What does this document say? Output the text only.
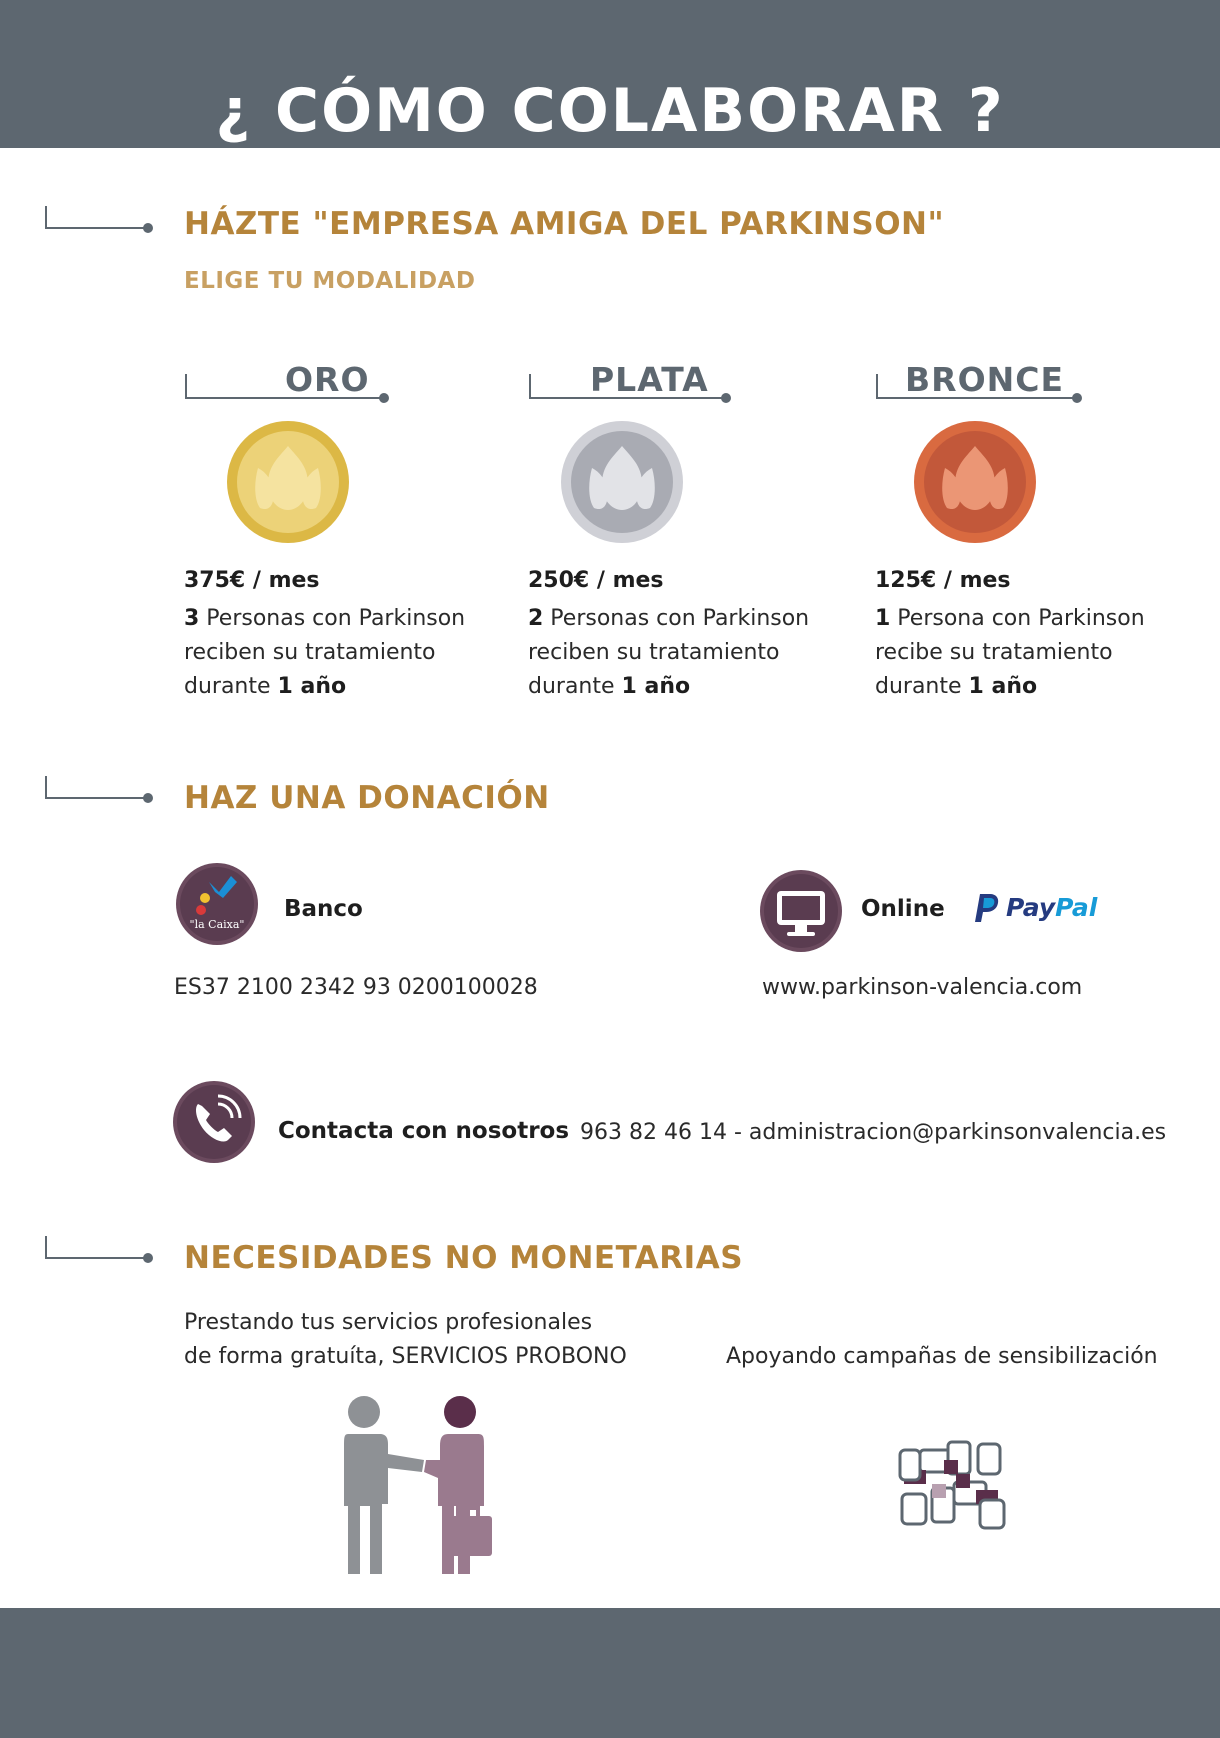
¿ CÓMO COLABORAR ?
HÁZTE "EMPRESA AMIGA DEL PARKINSON"
ELIGE TU MODALIDAD
ORO
375€ / mes
3 Personas con Parkinson
reciben su tratamiento
durante 1 año
PLATA
250€ / mes
2 Personas con Parkinson
reciben su tratamiento
durante 1 año
BRONCE
125€ / mes
1 Persona con Parkinson
recibe su tratamiento
durante 1 año
HAZ UNA DONACIÓN
"la Caixa"
Banco
ES37 2100 2342 93 0200100028
Online PayPal
www.parkinson-valencia.com
Contacta con nosotros 963 82 46 14 - administracion@parkinsonvalencia.es
NECESIDADES NO MONETARIAS
Prestando tus servicios profesionales
de forma gratuíta, SERVICIOS PROBONO	Apoyando campañas de sensibilización
